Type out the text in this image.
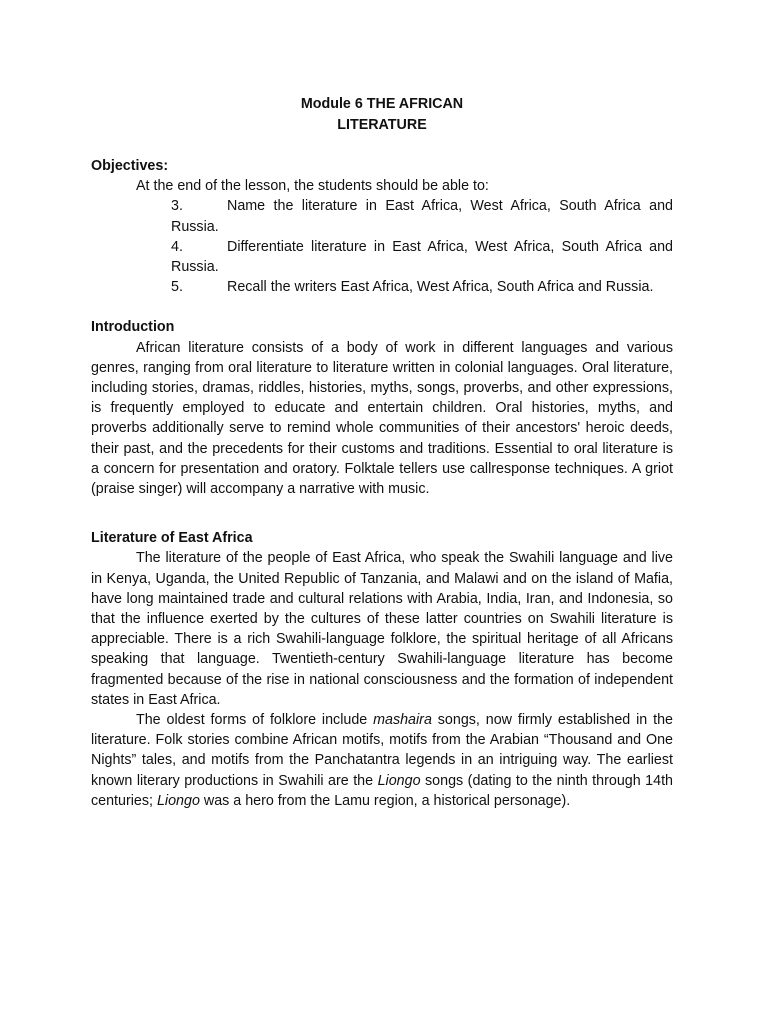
Module 6 THE AFRICAN
LITERATURE

Objectives:

At the end of the lesson, the students should be able to:

3.	Name the literature in East Africa, West Africa, South Africa and Russia.
4.	Differentiate literature in East Africa, West Africa, South Africa and Russia.
5.	Recall the writers East Africa, West Africa, South Africa and Russia.

Introduction

African literature consists of a body of work in different languages and various genres, ranging from oral literature to literature written in colonial languages. Oral literature, including stories, dramas, riddles, histories, myths, songs, proverbs, and other expressions, is frequently employed to educate and entertain children. Oral histories, myths, and proverbs additionally serve to remind whole communities of their ancestors' heroic deeds, their past, and the precedents for their customs and traditions. Essential to oral literature is a concern for presentation and oratory. Folktale tellers use callresponse techniques. A griot (praise singer) will accompany a narrative with music.

Literature of East Africa

The literature of the people of East Africa, who speak the Swahili language and live in Kenya, Uganda, the United Republic of Tanzania, and Malawi and on the island of Mafia, have long maintained trade and cultural relations with Arabia, India, Iran, and Indonesia, so that the influence exerted by the cultures of these latter countries on Swahili literature is appreciable. There is a rich Swahili-language folklore, the spiritual heritage of all Africans speaking that language. Twentieth-century Swahili-language literature has become fragmented because of the rise in national consciousness and the formation of independent states in East Africa.

The oldest forms of folklore include mashaira songs, now firmly established in the literature. Folk stories combine African motifs, motifs from the Arabian “Thousand and One Nights” tales, and motifs from the Panchatantra legends in an intriguing way. The earliest known literary productions in Swahili are the Liongo songs (dating to the ninth through 14th centuries; Liongo was a hero from the Lamu region, a historical personage).
